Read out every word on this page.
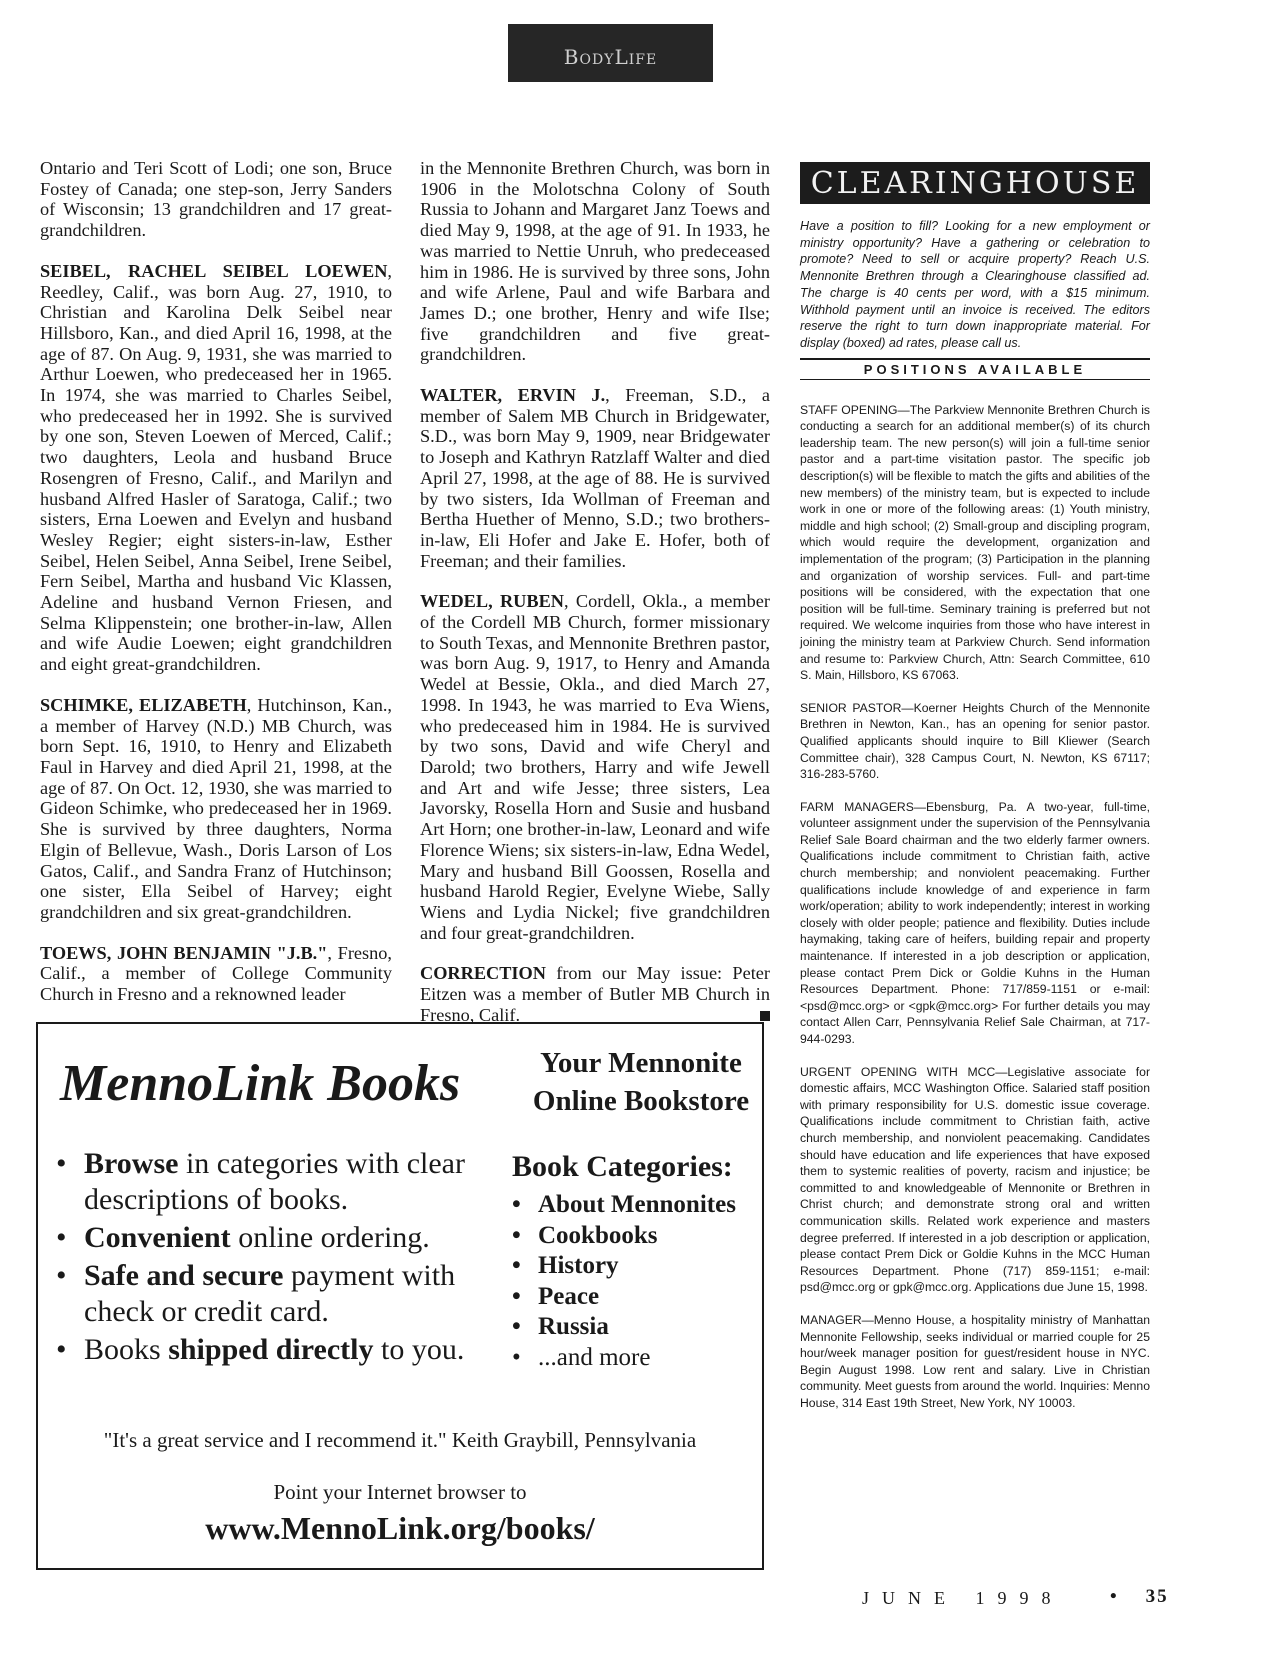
BodyLife

Ontario and Teri Scott of Lodi; one son, Bruce Fostey of Canada; one step-son, Jerry Sanders of Wisconsin; 13 grandchildren and 17 great-grandchildren.

SEIBEL, RACHEL SEIBEL LOEWEN, Reedley, Calif., was born Aug. 27, 1910, to Christian and Karolina Delk Seibel near Hillsboro, Kan., and died April 16, 1998, at the age of 87. On Aug. 9, 1931, she was married to Arthur Loewen, who predeceased her in 1965. In 1974, she was married to Charles Seibel, who predeceased her in 1992. She is survived by one son, Steven Loewen of Merced, Calif.; two daughters, Leola and husband Bruce Rosengren of Fresno, Calif., and Marilyn and husband Alfred Hasler of Saratoga, Calif.; two sisters, Erna Loewen and Evelyn and husband Wesley Regier; eight sisters-in-law, Esther Seibel, Helen Seibel, Anna Seibel, Irene Seibel, Fern Seibel, Martha and husband Vic Klassen, Adeline and husband Vernon Friesen, and Selma Klippenstein; one brother-in-law, Allen and wife Audie Loewen; eight grandchildren and eight great-grandchildren.

SCHIMKE, ELIZABETH, Hutchinson, Kan., a member of Harvey (N.D.) MB Church, was born Sept. 16, 1910, to Henry and Elizabeth Faul in Harvey and died April 21, 1998, at the age of 87. On Oct. 12, 1930, she was married to Gideon Schimke, who predeceased her in 1969. She is survived by three daughters, Norma Elgin of Bellevue, Wash., Doris Larson of Los Gatos, Calif., and Sandra Franz of Hutchinson; one sister, Ella Seibel of Harvey; eight grandchildren and six great-grandchildren.

TOEWS, JOHN BENJAMIN "J.B.", Fresno, Calif., a member of College Community Church in Fresno and a reknowned leader

in the Mennonite Brethren Church, was born in 1906 in the Molotschna Colony of South Russia to Johann and Margaret Janz Toews and died May 9, 1998, at the age of 91. In 1933, he was married to Nettie Unruh, who predeceased him in 1986. He is survived by three sons, John and wife Arlene, Paul and wife Barbara and James D.; one brother, Henry and wife Ilse; five grandchildren and five great-grandchildren.

WALTER, ERVIN J., Freeman, S.D., a member of Salem MB Church in Bridgewater, S.D., was born May 9, 1909, near Bridgewater to Joseph and Kathryn Ratzlaff Walter and died April 27, 1998, at the age of 88. He is survived by two sisters, Ida Wollman of Freeman and Bertha Huether of Menno, S.D.; two brothers-in-law, Eli Hofer and Jake E. Hofer, both of Freeman; and their families.

WEDEL, RUBEN, Cordell, Okla., a member of the Cordell MB Church, former missionary to South Texas, and Mennonite Brethren pastor, was born Aug. 9, 1917, to Henry and Amanda Wedel at Bessie, Okla., and died March 27, 1998. In 1943, he was married to Eva Wiens, who predeceased him in 1984. He is survived by two sons, David and wife Cheryl and Darold; two brothers, Harry and wife Jewell and Art and wife Jesse; three sisters, Lea Javorsky, Rosella Horn and Susie and husband Art Horn; one brother-in-law, Leonard and wife Florence Wiens; six sisters-in-law, Edna Wedel, Mary and husband Bill Goossen, Rosella and husband Harold Regier, Evelyne Wiebe, Sally Wiens and Lydia Nickel; five grandchildren and four great-grandchildren.

CORRECTION from our May issue: Peter Eitzen was a member of Butler MB Church in Fresno, Calif.

CLEARINGHOUSE
Have a position to fill? Looking for a new employment or ministry opportunity? Have a gathering or celebration to promote? Need to sell or acquire property? Reach U.S. Mennonite Brethren through a Clearinghouse classified ad. The charge is 40 cents per word, with a $15 minimum. Withhold payment until an invoice is received. The editors reserve the right to turn down inappropriate material. For display (boxed) ad rates, please call us.
POSITIONS AVAILABLE

STAFF OPENING—The Parkview Mennonite Brethren Church is conducting a search for an additional member(s) of its church leadership team. The new person(s) will join a full-time senior pastor and a part-time visitation pastor. The specific job description(s) will be flexible to match the gifts and abilities of the new members) of the ministry team, but is expected to include work in one or more of the following areas: (1) Youth ministry, middle and high school; (2) Small-group and discipling program, which would require the development, organization and implementation of the program; (3) Participation in the planning and organization of worship services. Full- and part-time positions will be considered, with the expectation that one position will be full-time. Seminary training is preferred but not required. We welcome inquiries from those who have interest in joining the ministry team at Parkview Church. Send information and resume to: Parkview Church, Attn: Search Committee, 610 S. Main, Hillsboro, KS 67063.

SENIOR PASTOR—Koerner Heights Church of the Mennonite Brethren in Newton, Kan., has an opening for senior pastor. Qualified applicants should inquire to Bill Kliewer (Search Committee chair), 328 Campus Court, N. Newton, KS 67117; 316-283-5760.

FARM MANAGERS—Ebensburg, Pa. A two-year, full-time, volunteer assignment under the supervision of the Pennsylvania Relief Sale Board chairman and the two elderly farmer owners. Qualifications include commitment to Christian faith, active church membership; and nonviolent peacemaking. Further qualifications include knowledge of and experience in farm work/operation; ability to work independently; interest in working closely with older people; patience and flexibility. Duties include haymaking, taking care of heifers, building repair and property maintenance. If interested in a job description or application, please contact Prem Dick or Goldie Kuhns in the Human Resources Department. Phone: 717/859-1151 or e-mail: <psd@mcc.org> or <gpk@mcc.org> For further details you may contact Allen Carr, Pennsylvania Relief Sale Chairman, at 717-944-0293.

URGENT OPENING WITH MCC—Legislative associate for domestic affairs, MCC Washington Office. Salaried staff position with primary responsibility for U.S. domestic issue coverage. Qualifications include commitment to Christian faith, active church membership, and nonviolent peacemaking. Candidates should have education and life experiences that have exposed them to systemic realities of poverty, racism and injustice; be committed to and knowledgeable of Mennonite or Brethren in Christ church; and demonstrate strong oral and written communication skills. Related work experience and masters degree preferred. If interested in a job description or application, please contact Prem Dick or Goldie Kuhns in the MCC Human Resources Department. Phone (717) 859-1151; e-mail: psd@mcc.org or gpk@mcc.org. Applications due June 15, 1998.

MANAGER—Menno House, a hospitality ministry of Manhattan Mennonite Fellowship, seeks individual or married couple for 25 hour/week manager position for guest/resident house in NYC. Begin August 1998. Low rent and salary. Live in Christian community. Meet guests from around the world. Inquiries: Menno House, 314 East 19th Street, New York, NY 10003.

MennoLink Books	Your Mennonite
Online Bookstore
• Browse in categories with clear descriptions of books.
• Convenient online ordering.
• Safe and secure payment with check or credit card.
• Books shipped directly to you.
Book Categories:
• About Mennonites
• Cookbooks
• History
• Peace
• Russia
• ...and more
"It's a great service and I recommend it." Keith Graybill, Pennsylvania
Point your Internet browser to
www.MennoLink.org/books/
JUNE 1998 • 35
